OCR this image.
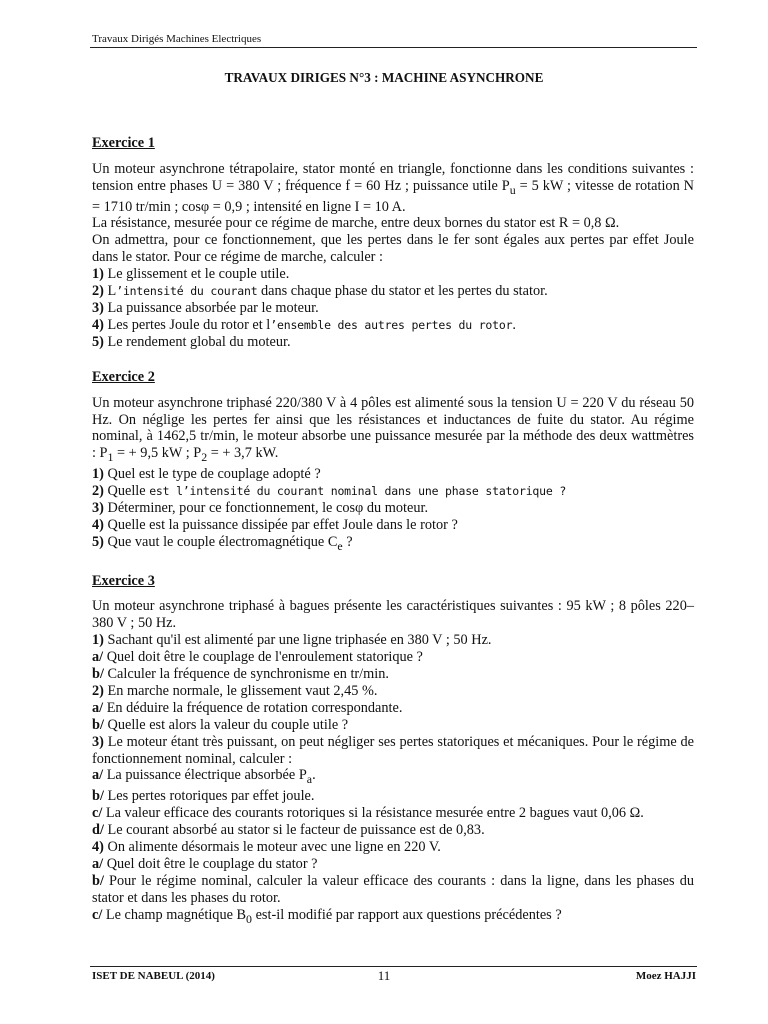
Travaux Dirigés Machines Electriques
TRAVAUX DIRIGES N°3 : MACHINE ASYNCHRONE
Exercice 1
Un moteur asynchrone tétrapolaire, stator monté en triangle, fonctionne dans les conditions suivantes : tension entre phases U = 380 V ; fréquence f = 60 Hz ; puissance utile $P_u = 5$ kW ; vitesse de rotation N = 1710 tr/min ; cosφ = 0,9 ; intensité en ligne I = 10 A.
La résistance, mesurée pour ce régime de marche, entre deux bornes du stator est R = 0,8 Ω.
On admettra, pour ce fonctionnement, que les pertes dans le fer sont égales aux pertes par effet Joule dans le stator. Pour ce régime de marche, calculer :
1) Le glissement et le couple utile.
2) L’intensité du courant dans chaque phase du stator et les pertes du stator.
3) La puissance absorbée par le moteur.
4) Les pertes Joule du rotor et l’ensemble des autres pertes du rotor.
5) Le rendement global du moteur.
Exercice 2
Un moteur asynchrone triphasé 220/380 V à 4 pôles est alimenté sous la tension U = 220 V du réseau 50 Hz. On néglige les pertes fer ainsi que les résistances et inductances de fuite du stator. Au régime nominal, à 1462,5 tr/min, le moteur absorbe une puissance mesurée par la méthode des deux wattmètres : $P_1$ = + 9,5 kW ; $P_2$ = + 3,7 kW.
1) Quel est le type de couplage adopté ?
2) Quelle est l’intensité du courant nominal dans une phase statorique ?
3) Déterminer, pour ce fonctionnement, le cosφ du moteur.
4) Quelle est la puissance dissipée par effet Joule dans le rotor ?
5) Que vaut le couple électromagnétique $C_e$ ?
Exercice 3
Un moteur asynchrone triphasé à bagues présente les caractéristiques suivantes : 95 kW ; 8 pôles 220–380 V ; 50 Hz.
1) Sachant qu'il est alimenté par une ligne triphasée en 380 V ; 50 Hz.
a/ Quel doit être le couplage de l'enroulement statorique ?
b/ Calculer la fréquence de synchronisme en tr/min.
2) En marche normale, le glissement vaut 2,45 %.
a/ En déduire la fréquence de rotation correspondante.
b/ Quelle est alors la valeur du couple utile ?
3) Le moteur étant très puissant, on peut négliger ses pertes statoriques et mécaniques. Pour le régime de fonctionnement nominal, calculer :
a/ La puissance électrique absorbée $P_a$.
b/ Les pertes rotoriques par effet joule.
c/ La valeur efficace des courants rotoriques si la résistance mesurée entre 2 bagues vaut 0,06 Ω.
d/ Le courant absorbé au stator si le facteur de puissance est de 0,83.
4) On alimente désormais le moteur avec une ligne en 220 V.
a/ Quel doit être le couplage du stator ?
b/ Pour le régime nominal, calculer la valeur efficace des courants : dans la ligne, dans les phases du stator et dans les phases du rotor.
c/ Le champ magnétique $B_0$ est-il modifié par rapport aux questions précédentes ?
ISET DE NABEUL (2014)	11	Moez HAJJI
